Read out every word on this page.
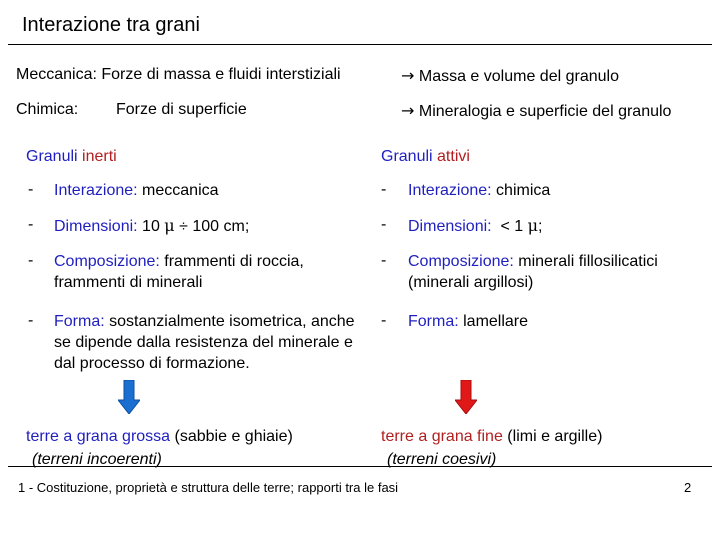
Interazione tra grani
Meccanica: Forze di massa e fluidi interstiziali	→ Massa e volume del granulo
Chimica: Forze di superficie	→ Mineralogia e superficie del granulo
Granuli inerti
- Interazione: meccanica
- Dimensioni: 10 μ ÷ 100 cm;
- Composizione: frammenti di roccia, frammenti di minerali
- Forma: sostanzialmente isometrica, anche se dipende dalla resistenza del minerale e dal processo di formazione.
terre a grana grossa (sabbie e ghiaie)
(terreni incoerenti)
Granuli attivi
- Interazione: chimica
- Dimensioni:  < 1 μ;
- Composizione: minerali fillosilicatici (minerali argillosi)
- Forma: lamellare
terre a grana fine (limi e argille)
(terreni coesivi)
1 - Costituzione, proprietà e struttura delle terre; rapporti tra le fasi	2
